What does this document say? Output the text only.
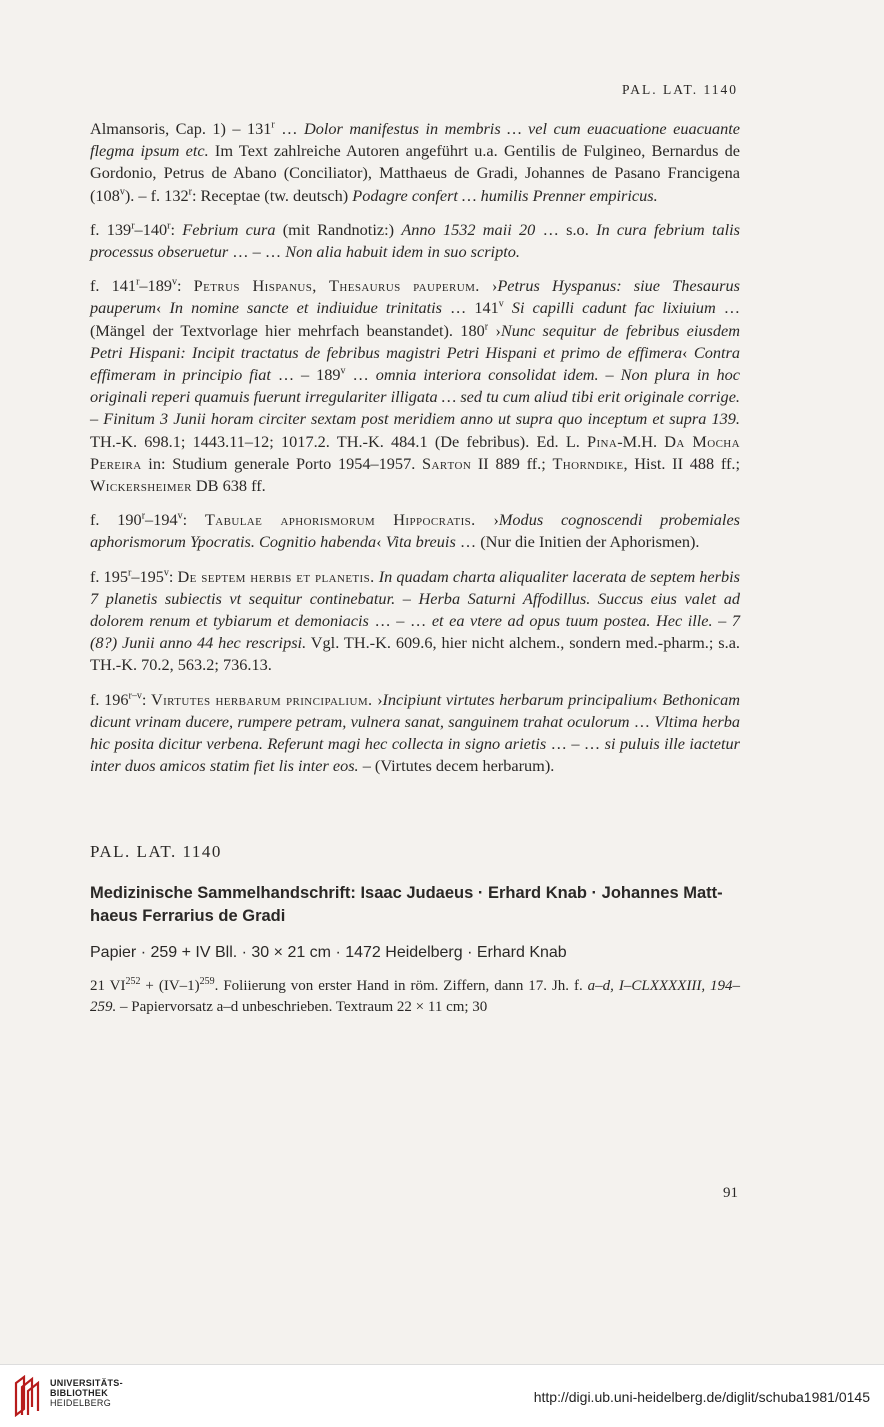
PAL. LAT. 1140

Almansoris, Cap. 1) – 131$^r$ … Dolor manifestus in membris … vel cum euacuatione euacuante flegma ipsum etc. Im Text zahlreiche Autoren angeführt u.a. Gentilis de Fulgineo, Bernardus de Gordonio, Petrus de Abano (Conciliator), Matthaeus de Gradi, Johannes de Pasano Francigena (108$^v$). – f. 132$^r$: Receptae (tw. deutsch) Podagre confert … humilis Prenner empiricus.

f. 139$^r$–140$^r$: Febrium cura (mit Randnotiz:) Anno 1532 maii 20 … s.o. In cura febrium talis processus obseruetur … – … Non alia habuit idem in suo scripto.

f. 141$^r$–189$^v$: Petrus Hispanus, Thesaurus pauperum. ›Petrus Hyspanus: siue Thesaurus pauperum‹ In nomine sancte et indiuidue trinitatis … 141$^v$ Si capilli cadunt fac lixiuium … (Mängel der Textvorlage hier mehrfach beanstandet). 180$^r$ ›Nunc sequitur de febribus eiusdem Petri Hispani: Incipit tractatus de febribus magistri Petri Hispani et primo de effimera‹ Contra effimeram in principio fiat … – 189$^v$ … omnia interiora consolidat idem. – Non plura in hoc originali reperi quamuis fuerunt irregulariter illigata … sed tu cum aliud tibi erit originale corrige. – Finitum 3 Junii horam circiter sextam post meridiem anno ut supra quo inceptum et supra 139. TH.-K. 698.1; 1443.11–12; 1017.2. TH.-K. 484.1 (De febribus). Ed. L. Pina-M.H. Da Mocha Pereira in: Studium generale Porto 1954–1957. Sarton II 889 ff.; Thorndike, Hist. II 488 ff.; Wickersheimer DB 638 ff.

f. 190$^r$–194$^v$: Tabulae aphorismorum Hippocratis. ›Modus cognoscendi probemiales aphorismorum Ypocratis. Cognitio habenda‹ Vita breuis … (Nur die Initien der Aphorismen).

f. 195$^r$–195$^v$: De septem herbis et planetis. In quadam charta aliqualiter lacerata de septem herbis 7 planetis subiectis vt sequitur continebatur. – Herba Saturni Affodillus. Succus eius valet ad dolorem renum et tybiarum et demoniacis … – … et ea vtere ad opus tuum postea. Hec ille. – 7 (8?) Junii anno 44 hec rescripsi. Vgl. TH.-K. 609.6, hier nicht alchem., sondern med.-pharm.; s.a. TH.-K. 70.2, 563.2; 736.13.

f. 196$^{r-v}$: Virtutes herbarum principalium. ›Incipiunt virtutes herbarum principalium‹ Bethonicam dicunt vrinam ducere, rumpere petram, vulnera sanat, sanguinem trahat oculorum … Vltima herba hic posita dicitur verbena. Referunt magi hec collecta in signo arietis … – … si puluis ille iactetur inter duos amicos statim fiet lis inter eos. – (Virtutes decem herbarum).

PAL. LAT. 1140

Medizinische Sammelhandschrift: Isaac Judaeus · Erhard Knab · Johannes Matthaeus Ferrarius de Gradi

Papier · 259 + IV Bll. · 30 × 21 cm · 1472 Heidelberg · Erhard Knab

21 $VI^{252} + (IV-1)^{259}$. Foliierung von erster Hand in röm. Ziffern, dann 17. Jh. f. a–d, I–CLXXXXIII, 194–259. – Papiervorsatz a–d unbeschrieben. Textraum 22 × 11 cm; 30

91
UNIVERSITÄTS-
BIBLIOTHEK
HEIDELBERG	http://digi.ub.uni-heidelberg.de/diglit/schuba1981/0145
